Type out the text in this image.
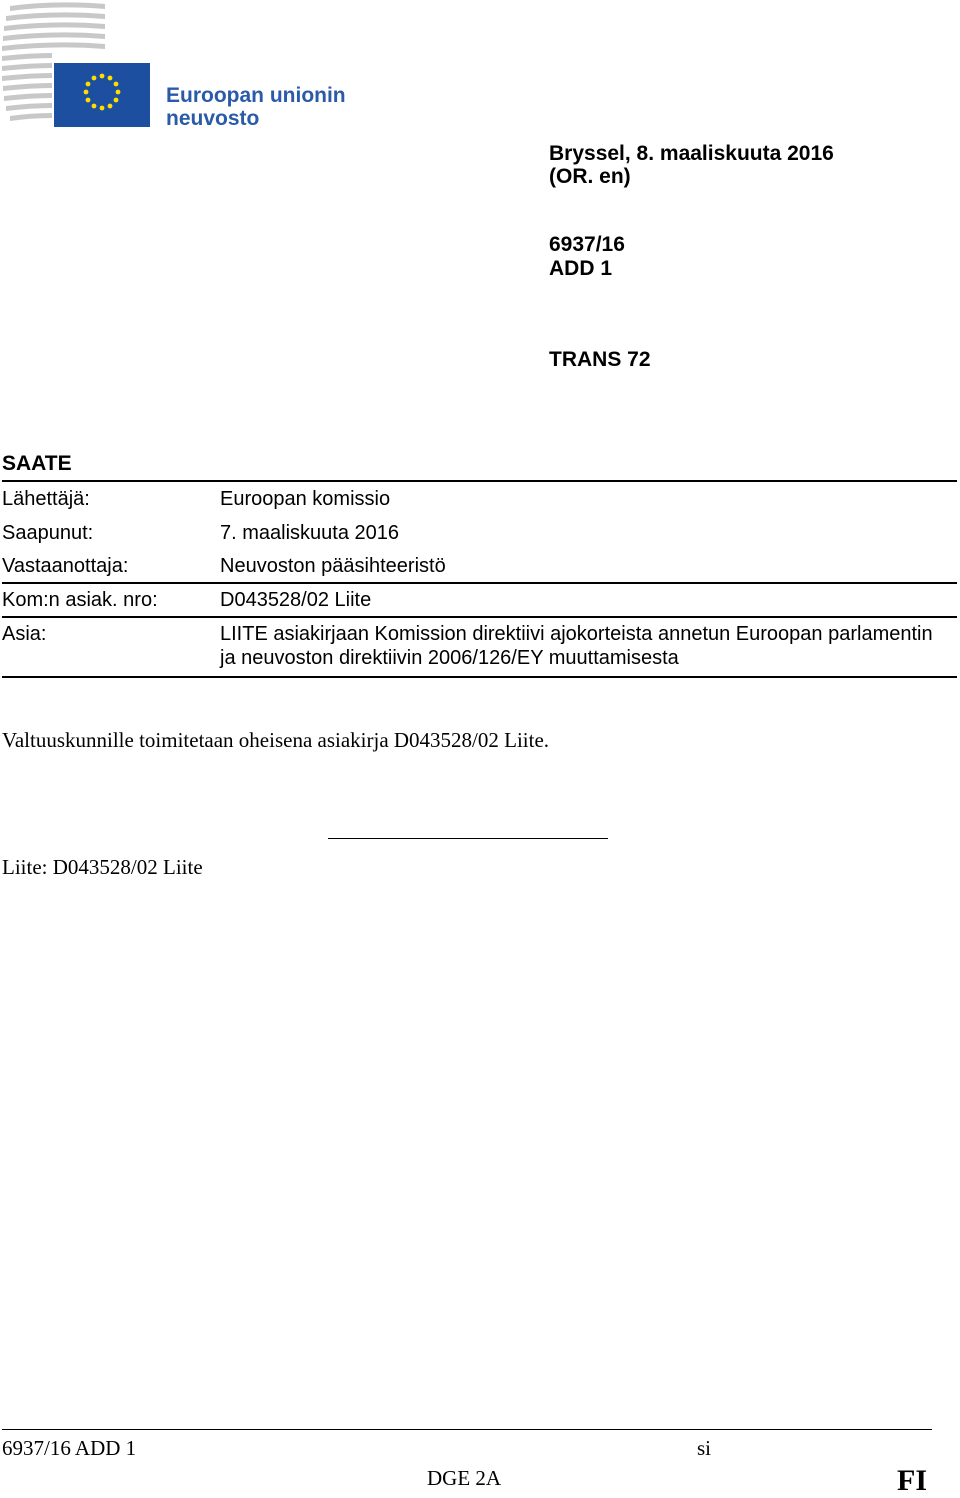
Euroopan unionin
neuvosto
Bryssel, 8. maaliskuuta 2016
(OR. en)
6937/16
ADD 1
TRANS 72
SAATE
Lähettäjä:	Euroopan komissio
Saapunut:	7. maaliskuuta 2016
Vastaanottaja:	Neuvoston pääsihteeristö
Kom:n asiak. nro:	D043528/02 Liite
Asia:	LIITE asiakirjaan Komission direktiivi ajokorteista annetun Euroopan parlamentin ja neuvoston direktiivin 2006/126/EY muuttamisesta
Valtuuskunnille toimitetaan oheisena asiakirja D043528/02 Liite.
Liite: D043528/02 Liite
6937/16 ADD 1	si
DGE 2A	FI
